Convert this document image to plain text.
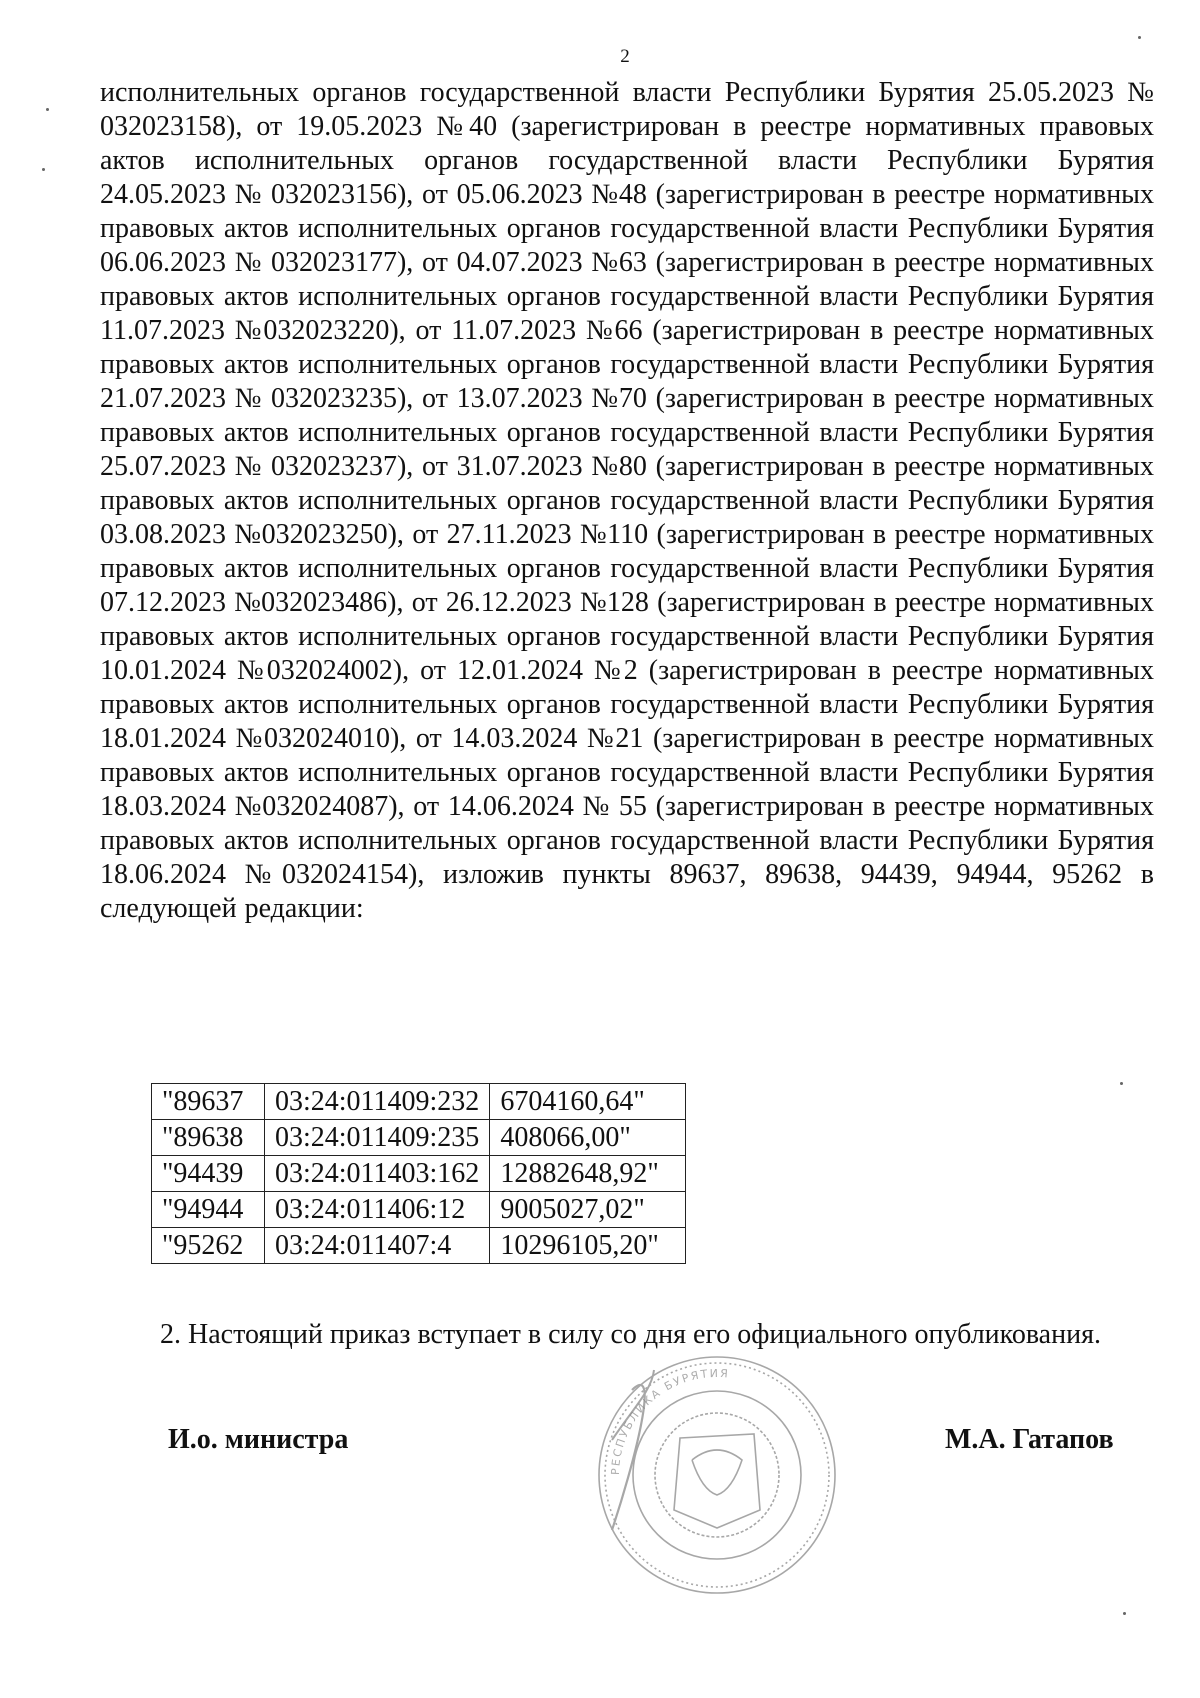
2

исполнительных органов государственной власти Республики Бурятия 25.05.2023 № 032023158), от 19.05.2023 №40 (зарегистрирован в реестре нормативных правовых актов исполнительных органов государственной власти Республики Бурятия 24.05.2023 № 032023156), от 05.06.2023 №48 (зарегистрирован в реестре нормативных правовых актов исполнительных органов государственной власти Республики Бурятия 06.06.2023 № 032023177), от 04.07.2023 №63 (зарегистрирован в реестре нормативных правовых актов исполнительных органов государственной власти Республики Бурятия 11.07.2023 №032023220), от 11.07.2023 №66 (зарегистрирован в реестре нормативных правовых актов исполнительных органов государственной власти Республики Бурятия 21.07.2023 № 032023235), от 13.07.2023 №70 (зарегистрирован в реестре нормативных правовых актов исполнительных органов государственной власти Республики Бурятия 25.07.2023 № 032023237), от 31.07.2023 №80 (зарегистрирован в реестре нормативных правовых актов исполнительных органов государственной власти Республики Бурятия 03.08.2023 №032023250), от 27.11.2023 №110 (зарегистрирован в реестре нормативных правовых актов исполнительных органов государственной власти Республики Бурятия 07.12.2023 №032023486), от 26.12.2023 №128 (зарегистрирован в реестре нормативных правовых актов исполнительных органов государственной власти Республики Бурятия 10.01.2024 №032024002), от 12.01.2024 №2 (зарегистрирован в реестре нормативных правовых актов исполнительных органов государственной власти Республики Бурятия 18.01.2024 №032024010), от 14.03.2024 №21 (зарегистрирован в реестре нормативных правовых актов исполнительных органов государственной власти Республики Бурятия 18.03.2024 №032024087), от 14.06.2024 № 55 (зарегистрирован в реестре нормативных правовых актов исполнительных органов государственной власти Республики Бурятия 18.06.2024 №032024154), изложив пункты 89637, 89638, 94439, 94944, 95262 в следующей редакции:

"89637	03:24:011409:232	6704160,64"
"89638	03:24:011409:235	408066,00"
"94439	03:24:011403:162	12882648,92"
"94944	03:24:011406:12	9005027,02"
"95262	03:24:011407:4	10296105,20"
2. Настоящий приказ вступает в силу со дня его официального опубликования.
И.о. министра	М.А. Гатапов
РЕСПУБЛИКА БУРЯТИЯ
